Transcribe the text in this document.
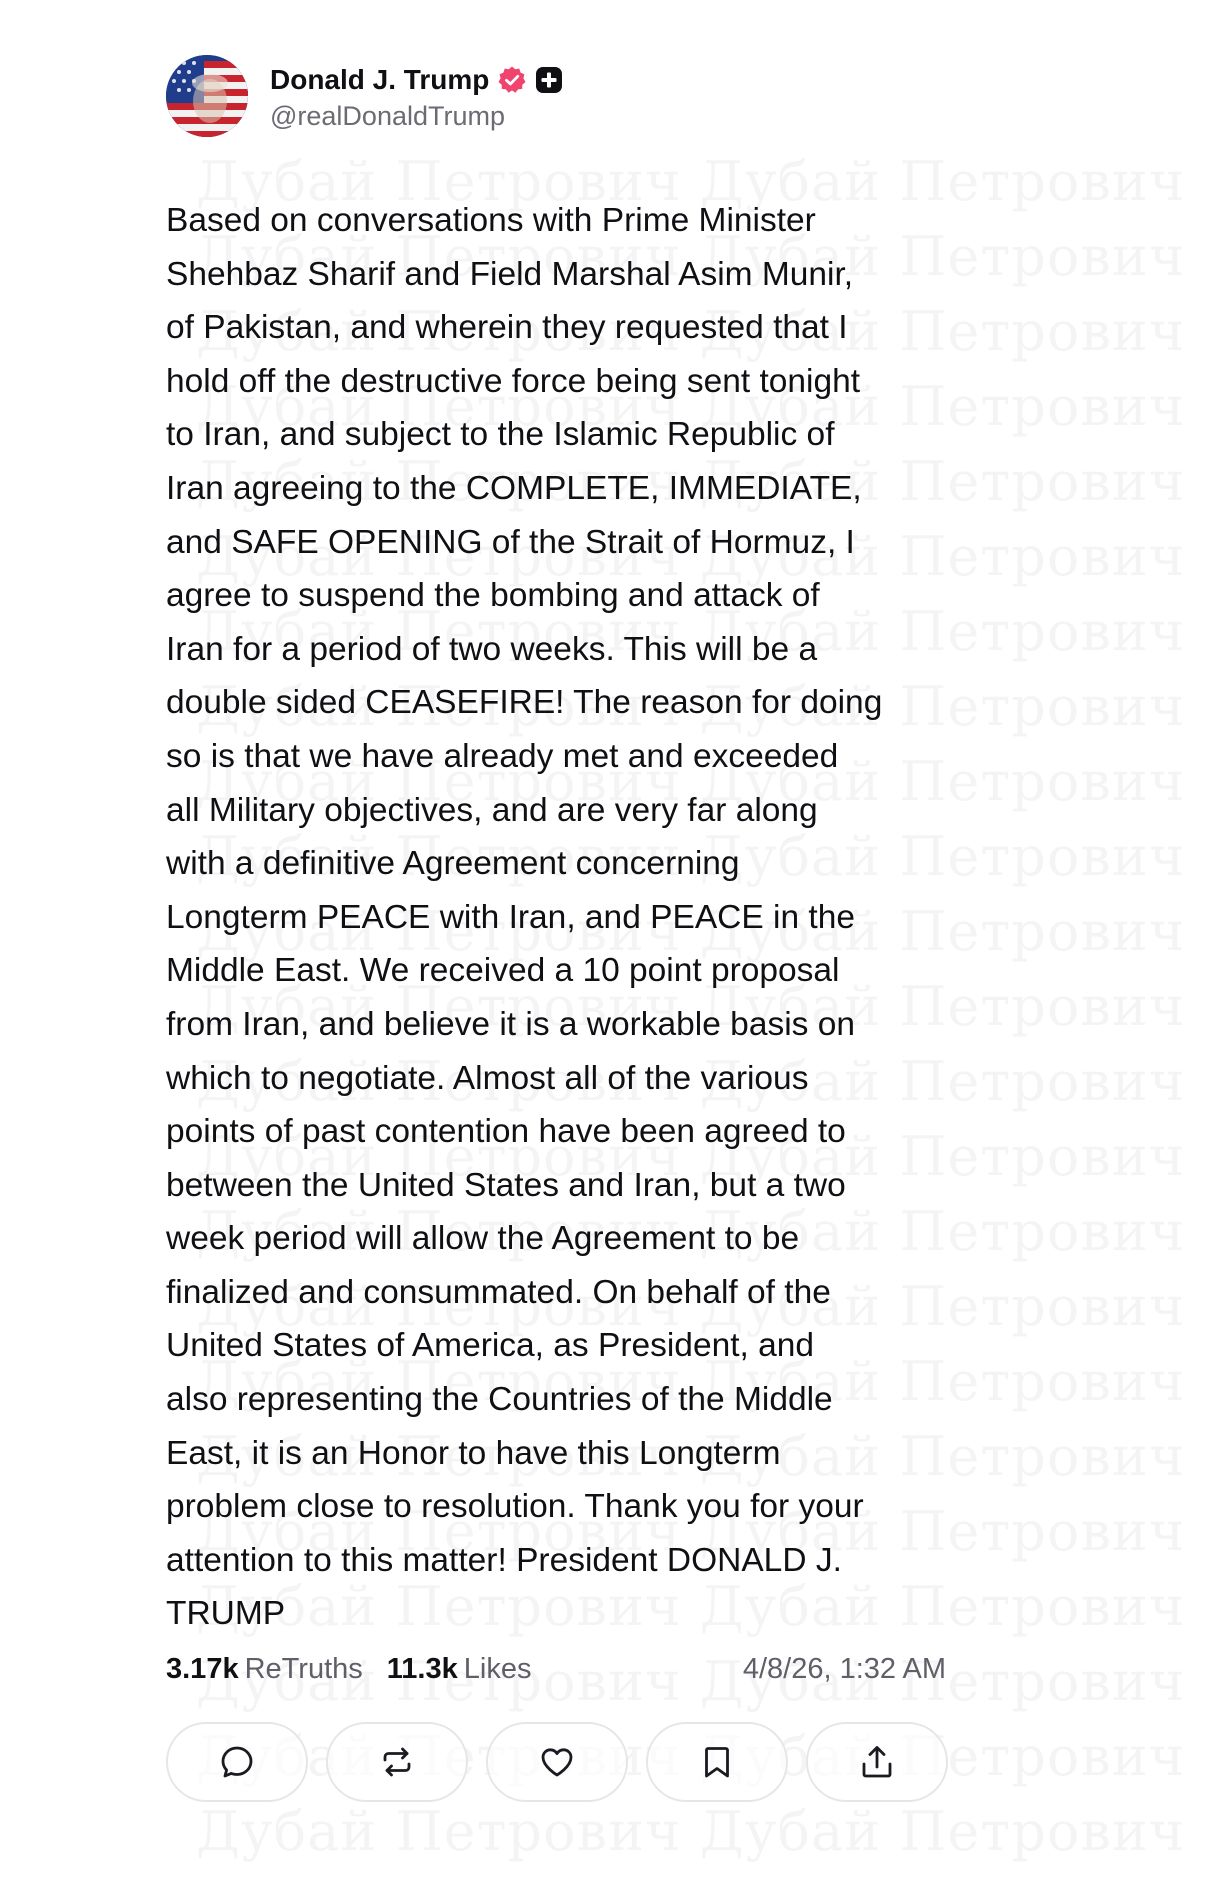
Donald J. Trump
@realDonaldTrump
Based on conversations with Prime Minister
Shehbaz Sharif and Field Marshal Asim Munir,
of Pakistan, and wherein they requested that I
hold off the destructive force being sent tonight
to Iran, and subject to the Islamic Republic of
Iran agreeing to the COMPLETE, IMMEDIATE,
and SAFE OPENING of the Strait of Hormuz, I
agree to suspend the bombing and attack of
Iran for a period of two weeks. This will be a
double sided CEASEFIRE! The reason for doing
so is that we have already met and exceeded
all Military objectives, and are very far along
with a definitive Agreement concerning
Longterm PEACE with Iran, and PEACE in the
Middle East. We received a 10 point proposal
from Iran, and believe it is a workable basis on
which to negotiate. Almost all of the various
points of past contention have been agreed to
between the United States and Iran, but a two
week period will allow the Agreement to be
finalized and consummated. On behalf of the
United States of America, as President, and
also representing the Countries of the Middle
East, it is an Honor to have this Longterm
problem close to resolution. Thank you for your
attention to this matter! President DONALD J.
TRUMP
3.17k ReTruths 11.3k Likes	4/8/26, 1:32 AM
